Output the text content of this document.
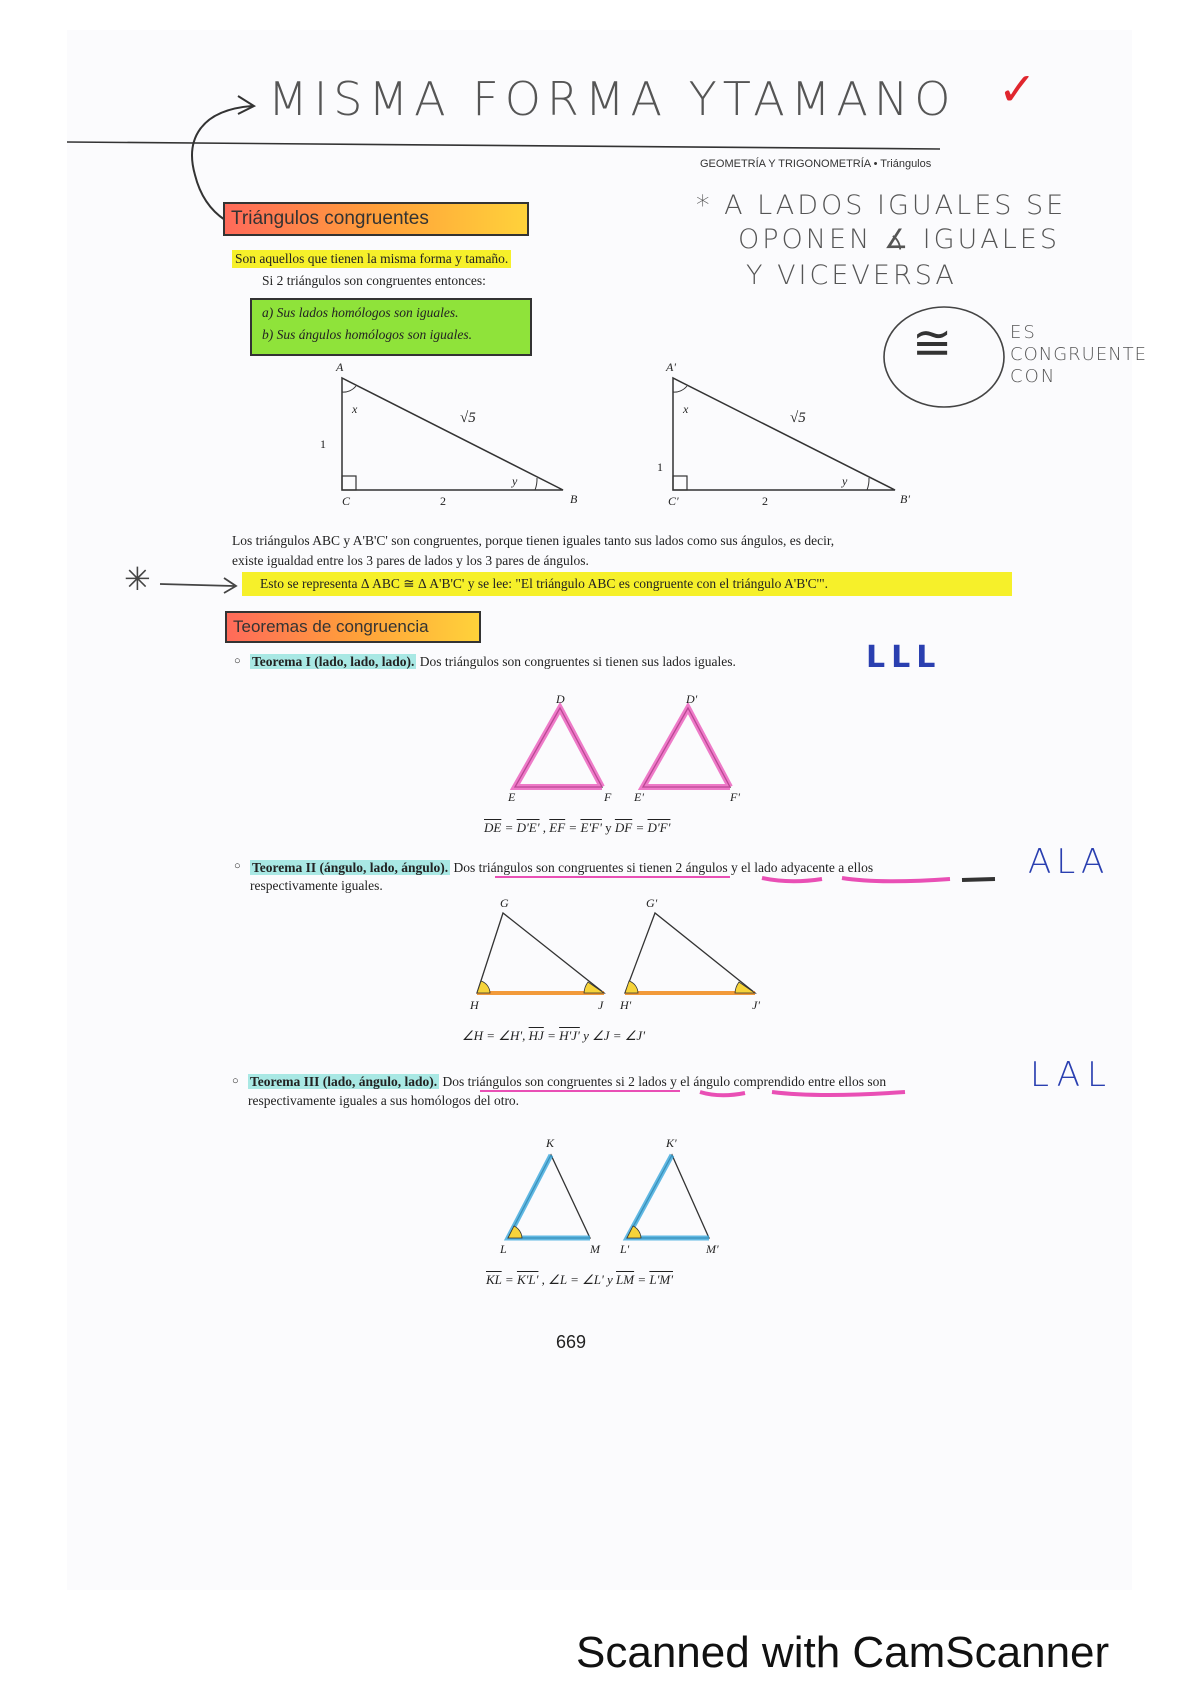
MISMA FORMA YTAMANO ✓
GEOMETRÍA Y TRIGONOMETRÍA • Triángulos
* A LADOS IGUALES SE
OPONEN ∡ IGUALES
Y VICEVERSA
≅	ES
CONGRUENTE
CON
Triángulos congruentes
Son aquellos que tienen la misma forma y tamaño.
Si 2 triángulos son congruentes entonces:
a) Sus lados homólogos son iguales.
b) Sus ángulos homólogos son iguales.
A
x
√5
1
y
C	2	B
A'
x
√5
1
y
C'	2	B'
Los triángulos ABC y A'B'C' son congruentes, porque tienen iguales tanto sus lados como sus ángulos, es decir,
existe igualdad entre los 3 pares de lados y los 3 pares de ángulos.
✳	Esto se representa Δ ABC ≅ Δ A'B'C' y se lee: "El triángulo ABC es congruente con el triángulo A'B'C'".
Teoremas de congruencia
○ Teorema I (lado, lado, lado). Dos triángulos son congruentes si tienen sus lados iguales.	LLL
D
E	F
D'
E'	F'
$\overline{DE} = D'E'$ , $\overline{EF} = E'F'$ y $\overline{DF} = D'F'$
○ Teorema II (ángulo, lado, ángulo). Dos triángulos son congruentes si tienen 2 ángulos y el lado adyacente a ellos
respectivamente iguales.
ALA
G
H	J
G'
H'	J'
∠H = ∠H', $\overline{HJ} = H'J'$ y ∠J = ∠J'
○ Teorema III (lado, ángulo, lado). Dos triángulos son congruentes si 2 lados y el ángulo comprendido entre ellos son
respectivamente iguales a sus homólogos del otro.
LAL
K
L	M
K'
L'	M'
$\overline{KL} = K'L'$ , ∠L = ∠L' y $\overline{LM} = L'M'$
669
Scanned with CamScanner
